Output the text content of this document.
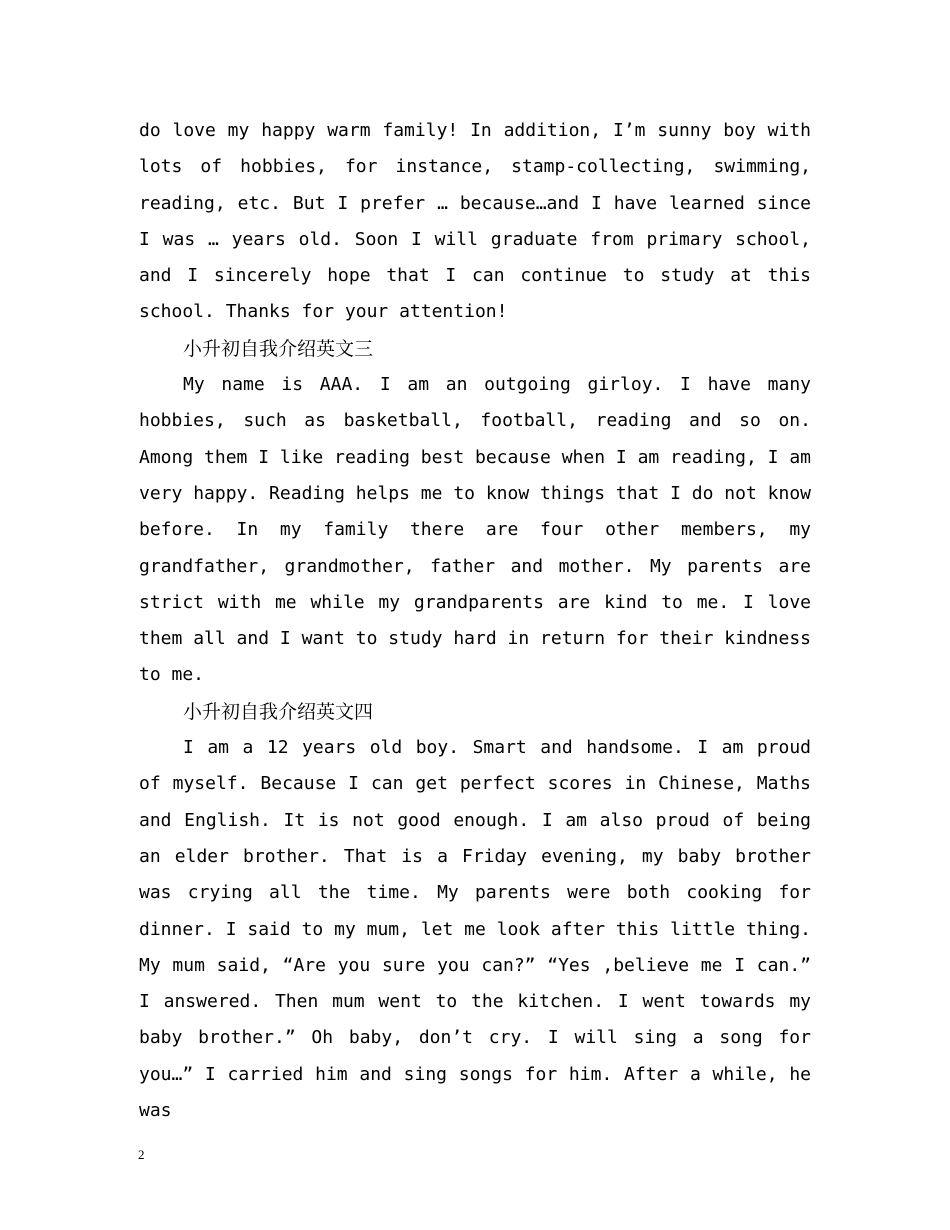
do love my happy warm family! In addition, I’m sunny boy with lots of hobbies, for instance, stamp-collecting, swimming, reading, etc. But I prefer … because…and I have learned since I was … years old. Soon I will graduate from primary school, and I sincerely hope that I can continue to study at this school. Thanks for your attention!

小升初自我介绍英文三

My name is AAA. I am an outgoing girloy. I have many hobbies, such as basketball, football, reading and so on. Among them I like reading best because when I am reading, I am very happy. Reading helps me to know things that I do not know before. In my family there are four other members, my grandfather, grandmother, father and mother. My parents are strict with me while my grandparents are kind to me. I love them all and I want to study hard in return for their kindness to me.

小升初自我介绍英文四

I am a 12 years old boy. Smart and handsome. I am proud of myself. Because I can get perfect scores in Chinese, Maths and English. It is not good enough. I am also proud of being an elder brother. That is a Friday evening, my baby brother was crying all the time. My parents were both cooking for dinner. I said to my mum, let me look after this little thing. My mum said, “Are you sure you can?” “Yes ,believe me I can.” I answered. Then mum went to the kitchen. I went towards my baby brother.” Oh baby, don’t cry. I will sing a song for you…” I carried him and sing songs for him. After a while, he was

2
